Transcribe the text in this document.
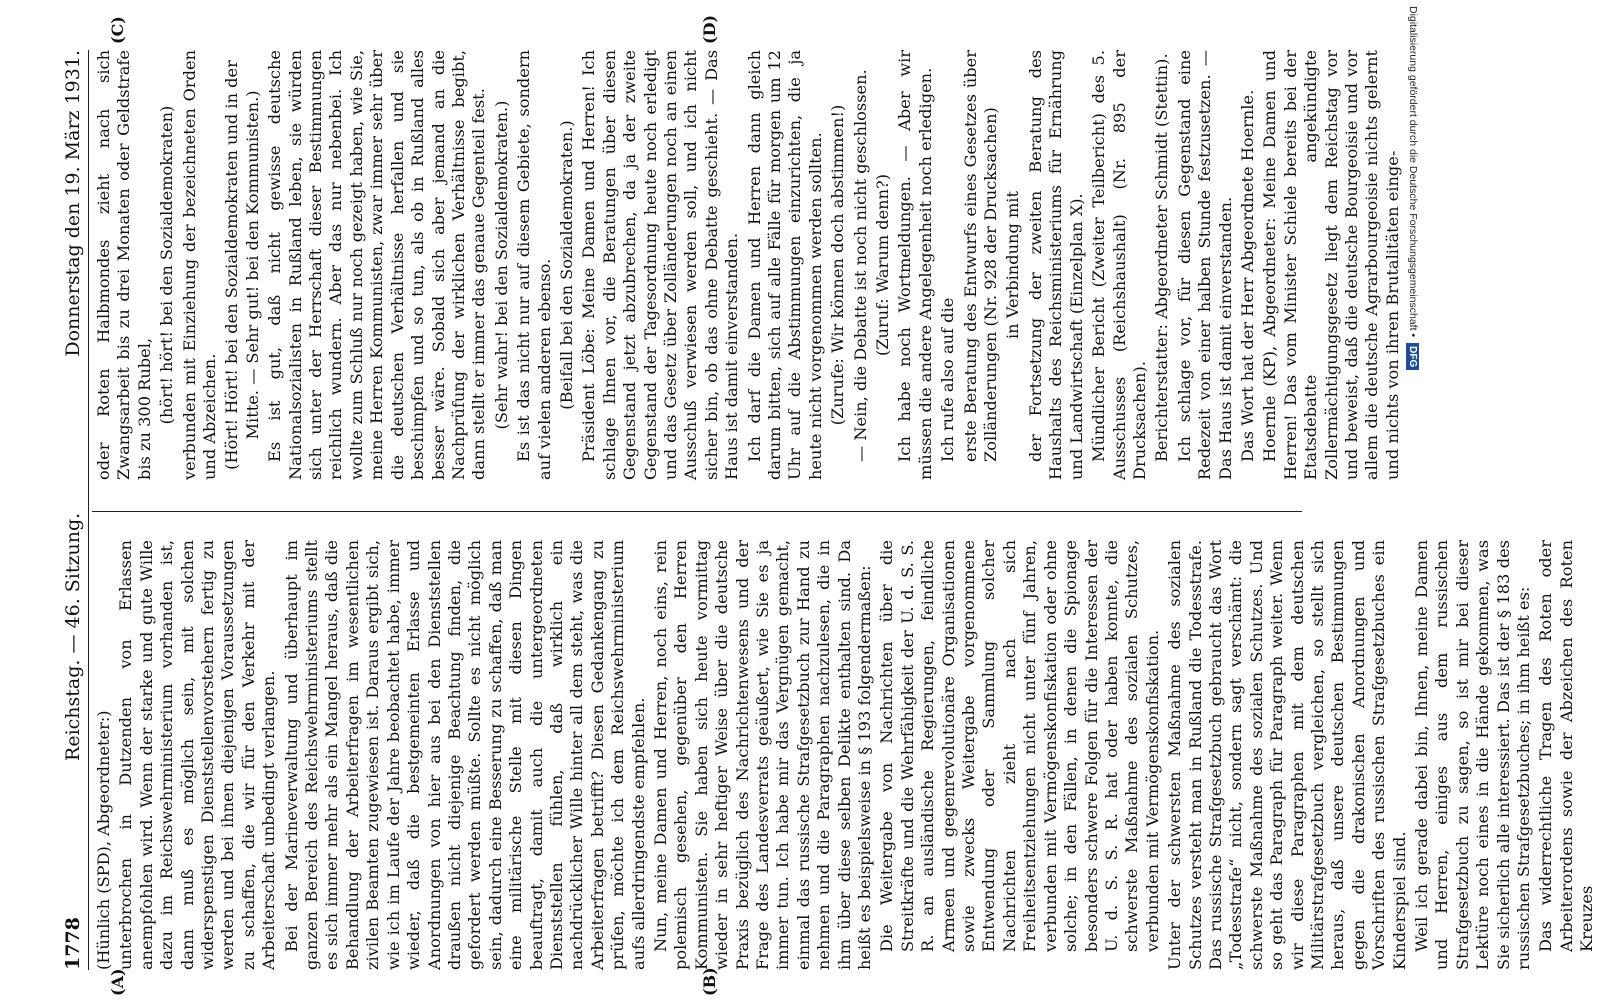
1778
Reichstag. — 46. Sitzung.
Donnerstag den 19. März 1931.
(A)	(B)
(C)	(D)

(Hünlich (SPD), Abgeordneter:) unterbrochen in Dutzenden von Erlassen anempfohlen wird. Wenn der starke und gute Wille dazu im Reichswehrministerium vorhanden ist, dann muß es möglich sein, mit solchen widerspenstigen Dienststellenvorstehern fertig zu werden und bei ihnen diejenigen Voraussetzungen zu schaffen, die wir für den Verkehr mit der Arbeiterschaft unbedingt verlangen. Bei der Marineverwaltung und überhaupt im ganzen Bereich des Reichswehrministeriums stellt es sich immer mehr als ein Mangel heraus, daß die Behandlung der Arbeiterfragen im wesentlichen zivilen Beamten zugewiesen ist. Daraus ergibt sich, wie ich im Laufe der Jahre beobachtet habe, immer wieder, daß die bestgemeinten Erlasse und Anordnungen von hier aus bei den Dienststellen draußen nicht diejenige Beachtung finden, die gefordert werden müßte. Sollte es nicht möglich sein, dadurch eine Besserung zu schaffen, daß man eine militärische Stelle mit diesen Dingen beauftragt, damit auch die untergeordneten Dienststellen fühlen, daß wirklich ein nachdrücklicher Wille hinter all dem steht, was die Arbeiterfragen betrifft? Diesen Gedankengang zu prüfen, möchte ich dem Reichswehrministerium aufs allerdringendste empfehlen. Nun, meine Damen und Herren, noch eins, rein polemisch gesehen, gegenüber den Herren Kommunisten. Sie haben sich heute vormittag wieder in sehr heftiger Weise über die deutsche Praxis bezüglich des Nachrichtenwesens und der Frage des Landesverrats geäußert, wie Sie es ja immer tun. Ich habe mir das Vergnügen gemacht, einmal das russische Strafgesetzbuch zur Hand zu nehmen und die Paragraphen nachzulesen, die in ihm über diese selben Delikte enthalten sind. Da heißt es beispielsweise in § 193 folgendermaßen: Die Weitergabe von Nachrichten über die Streitkräfte und die Wehrfähigkeit der U. d. S. S. R. an ausländische Regierungen, feindliche Armeen und gegenrevolutionäre Organisationen sowie zwecks Weitergabe vorgenommene Entwendung oder Sammlung solcher Nachrichten zieht nach sich Freiheitsentziehungen nicht unter fünf Jahren, verbunden mit Vermögenskonfiskation oder ohne solche; in den Fällen, in denen die Spionage besonders schwere Folgen für die Interessen der U. d. S. S. R. hat oder haben konnte, die schwerste Maßnahme des sozialen Schutzes, verbunden mit Vermögenskonfiskation. Unter der schwersten Maßnahme des sozialen Schutzes versteht man in Rußland die Todesstrafe. Das russische Strafgesetzbuch gebraucht das Wort „Todesstrafe“ nicht, sondern sagt verschämt: die schwerste Maßnahme des sozialen Schutzes. Und so geht das Paragraph für Paragraph weiter. Wenn wir diese Paragraphen mit dem deutschen Militärstrafgesetzbuch vergleichen, so stellt sich heraus, daß unsere deutschen Bestimmungen gegen die drakonischen Anordnungen und Vorschriften des russischen Strafgesetzbuches ein Kinderspiel sind. Weil ich gerade dabei bin, Ihnen, meine Damen und Herren, einiges aus dem russischen Strafgesetzbuch zu sagen, so ist mir bei dieser Lektüre noch eines in die Hände gekommen, was Sie sicherlich alle interessiert. Das ist der § 183 des russischen Strafgesetzbuches; in ihm heißt es: Das widerrechtliche Tragen des Roten oder Arbeiterordens sowie der Abzeichen des Roten Kreuzes

oder Roten Halbmondes zieht nach sich Zwangsarbeit bis zu drei Monaten oder Geldstrafe bis zu 300 Rubel, (hört! hört! bei den Sozialdemokraten) verbunden mit Einziehung der bezeichneten Orden und Abzeichen. (Hört! Hört! bei den Sozialdemokraten und in der Mitte. — Sehr gut! bei den Kommunisten.) Es ist gut, daß nicht gewisse deutsche Nationalsozialisten in Rußland leben, sie würden sich unter der Herrschaft dieser Bestimmungen reichlich wundern. Aber das nur nebenbei. Ich wollte zum Schluß nur noch gezeigt haben, wie Sie, meine Herren Kommunisten, zwar immer sehr über die deutschen Verhältnisse herfallen und sie beschimpfen und so tun, als ob in Rußland alles besser wäre. Sobald sich aber jemand an die Nachprüfung der wirklichen Verhältnisse begibt, dann stellt er immer das genaue Gegenteil fest. (Sehr wahr! bei den Sozialdemokraten.) Es ist das nicht nur auf diesem Gebiete, sondern auf vielen anderen ebenso. (Beifall bei den Sozialdemokraten.) Präsident Löbe: Meine Damen und Herren! Ich schlage Ihnen vor, die Beratungen über diesen Gegenstand jetzt abzubrechen, da ja der zweite Gegenstand der Tagesordnung heute noch erledigt und das Gesetz über Zolländerungen noch an einen Ausschuß verwiesen werden soll, und ich nicht sicher bin, ob das ohne Debatte geschieht. — Das Haus ist damit einverstanden. Ich darf die Damen und Herren dann gleich darum bitten, sich auf alle Fälle für morgen um 12 Uhr auf die Abstimmungen einzurichten, die ja heute nicht vorgenommen werden sollten. (Zurufe: Wir können doch abstimmen!) — Nein, die Debatte ist noch nicht geschlossen. (Zuruf: Warum denn?) Ich habe noch Wortmeldungen. — Aber wir müssen die andere Angelegenheit noch erledigen. Ich rufe also auf die erste Beratung des Entwurfs eines Gesetzes über Zolländerungen (Nr. 928 der Drucksachen) in Verbindung mit der Fortsetzung der zweiten Beratung des Haushalts des Reichsministeriums für Ernährung und Landwirtschaft (Einzelplan X). Mündlicher Bericht (Zweiter Teilbericht) des 5. Ausschusses (Reichshaushalt) (Nr. 895 der Drucksachen). Berichterstatter: Abgeordneter Schmidt (Stettin). Ich schlage vor, für diesen Gegenstand eine Redezeit von einer halben Stunde festzusetzen. — Das Haus ist damit einverstanden. Das Wort hat der Herr Abgeordnete Hoernle. Hoernle (KP), Abgeordneter: Meine Damen und Herren! Das vom Minister Schiele bereits bei der Etatsdebatte angekündigte Zollermächtigungsgesetz liegt dem Reichstag vor und beweist, daß die deutsche Bourgeoisie und vor allem die deutsche Agrarbourgeoisie nichts gelernt und nichts von ihren Brutalitäten einge- Digitalisierung gefördert durch die Deutsche Forschungsgemeinschaft •
DFG
